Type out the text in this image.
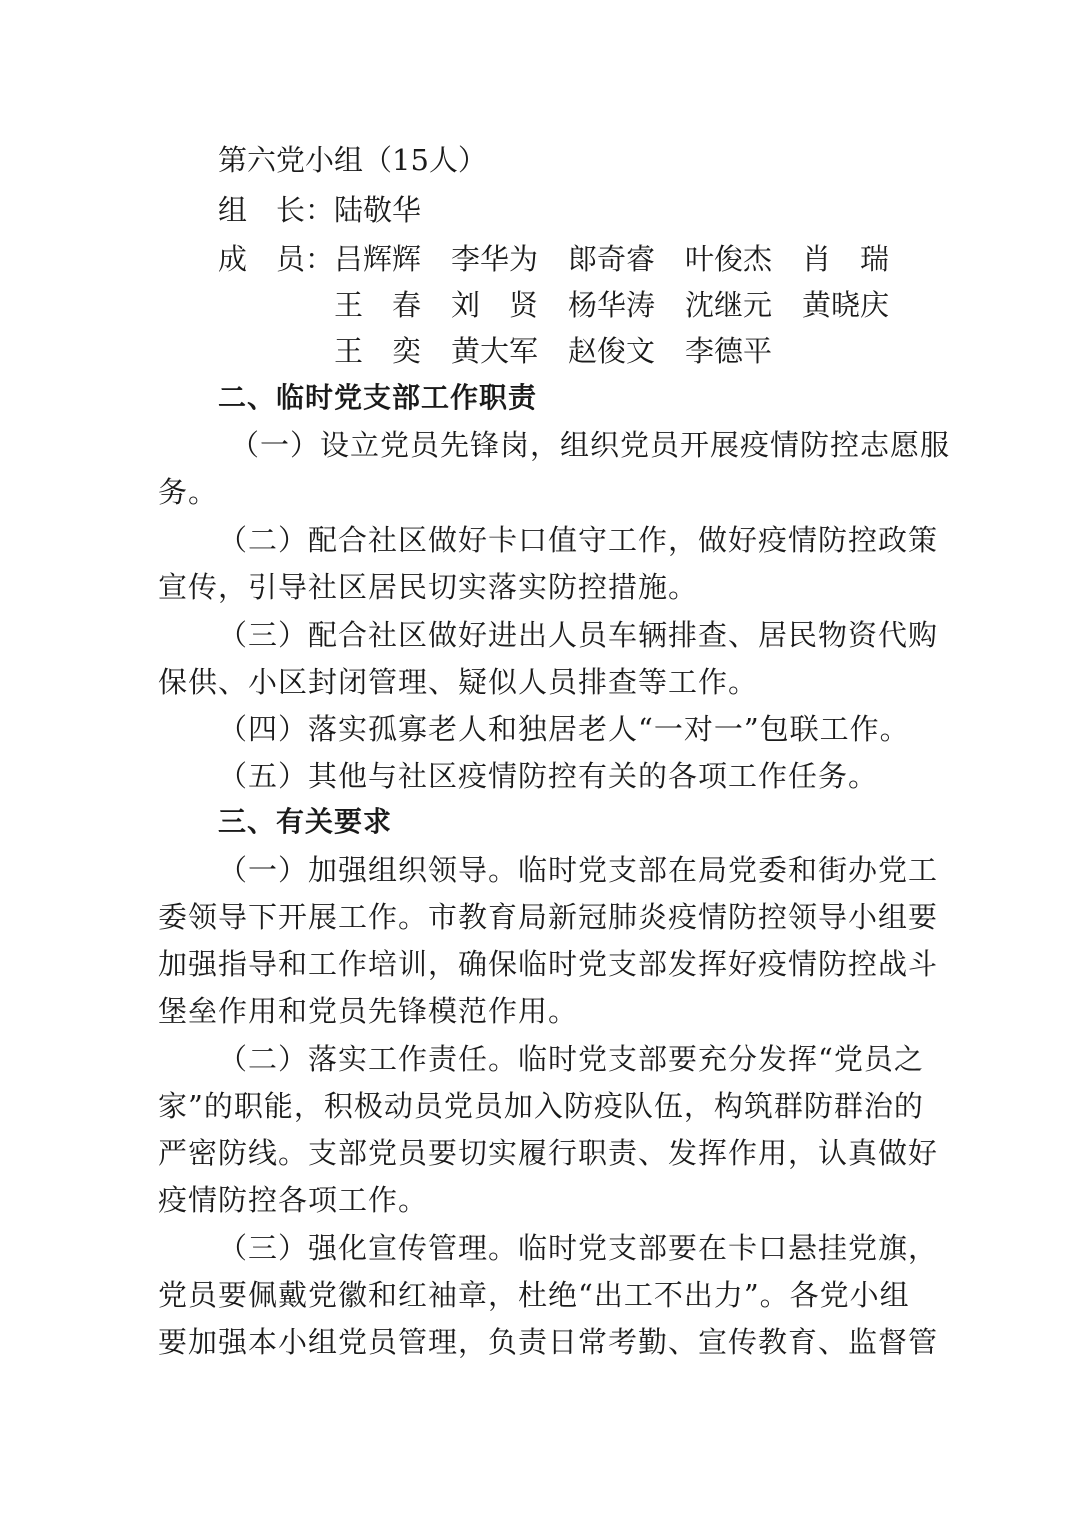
第六党小组（15人）
组　长： 陆敬华
成　员： 吕辉辉	李华为	郞奇睿	叶俊杰	肖　瑞
王　春	刘　贤	杨华涛	沈继元	黄晓庆
王　奕	黄大军	赵俊文	李德平
二、临时党支部工作职责
（一）设立党员先锋岗，组织党员开展疫情防控志愿服
务。
（二）配合社区做好卡口值守工作，做好疫情防控政策
宣传，引导社区居民切实落实防控措施。
（三）配合社区做好进出人员车辆排查、居民物资代购
保供、小区封闭管理、疑似人员排查等工作。
（四）落实孤寡老人和独居老人“一对一”包联工作。
（五）其他与社区疫情防控有关的各项工作任务。
三、有关要求
（一）加强组织领导。临时党支部在局党委和街办党工
委领导下开展工作。市教育局新冠肺炎疫情防控领导小组要
加强指导和工作培训，确保临时党支部发挥好疫情防控战斗
堡垒作用和党员先锋模范作用。
（二）落实工作责任。临时党支部要充分发挥“党员之
家”的职能，积极动员党员加入防疫队伍，构筑群防群治的
严密防线。支部党员要切实履行职责、发挥作用，认真做好
疫情防控各项工作。
（三）强化宣传管理。临时党支部要在卡口悬挂党旗，
党员要佩戴党徽和红袖章，杜绝“出工不出力”。各党小组
要加强本小组党员管理，负责日常考勤、宣传教育、监督管
